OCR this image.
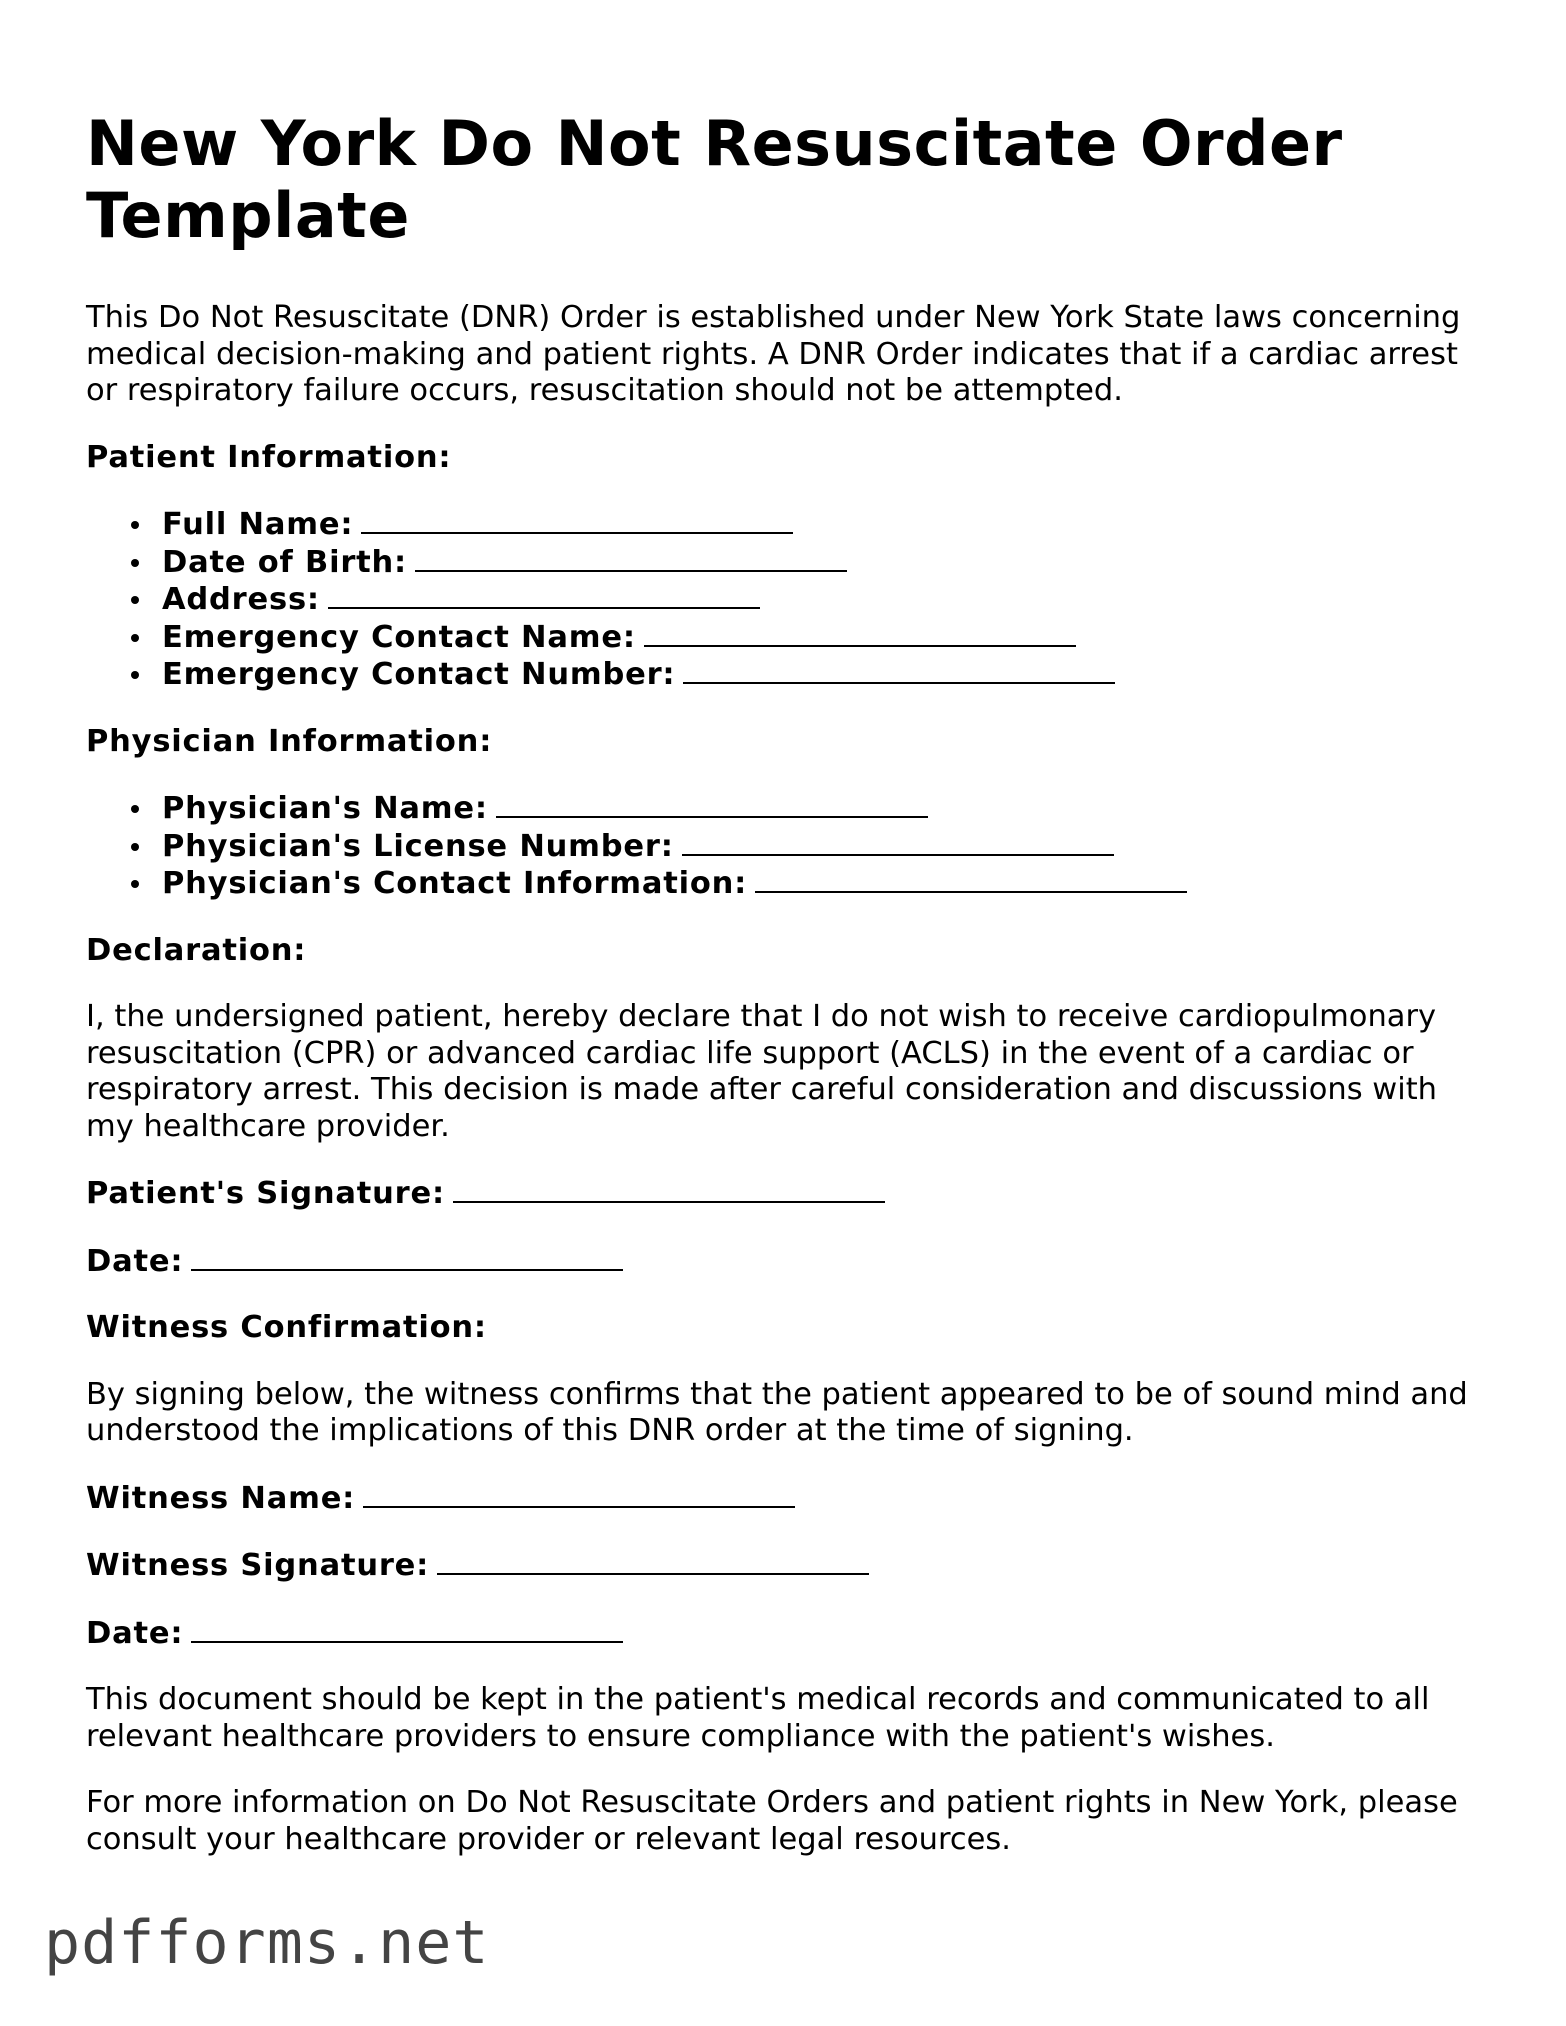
New York Do Not Resuscitate Order Template

This Do Not Resuscitate (DNR) Order is established under New York State laws concerning medical decision-making and patient rights. A DNR Order indicates that if a cardiac arrest or respiratory failure occurs, resuscitation should not be attempted.

Patient Information:

Full Name:
Date of Birth:
Address:
Emergency Contact Name:
Emergency Contact Number:

Physician Information:

Physician's Name:
Physician's License Number:
Physician's Contact Information:

Declaration:

I, the undersigned patient, hereby declare that I do not wish to receive cardiopulmonary resuscitation (CPR) or advanced cardiac life support (ACLS) in the event of a cardiac or respiratory arrest. This decision is made after careful consideration and discussions with my healthcare provider.

Patient's Signature:

Date:

Witness Confirmation:

By signing below, the witness confirms that the patient appeared to be of sound mind and understood the implications of this DNR order at the time of signing.

Witness Name:

Witness Signature:

Date:

This document should be kept in the patient's medical records and communicated to all relevant healthcare providers to ensure compliance with the patient's wishes.

For more information on Do Not Resuscitate Orders and patient rights in New York, please consult your healthcare provider or relevant legal resources.

pdfforms.net
